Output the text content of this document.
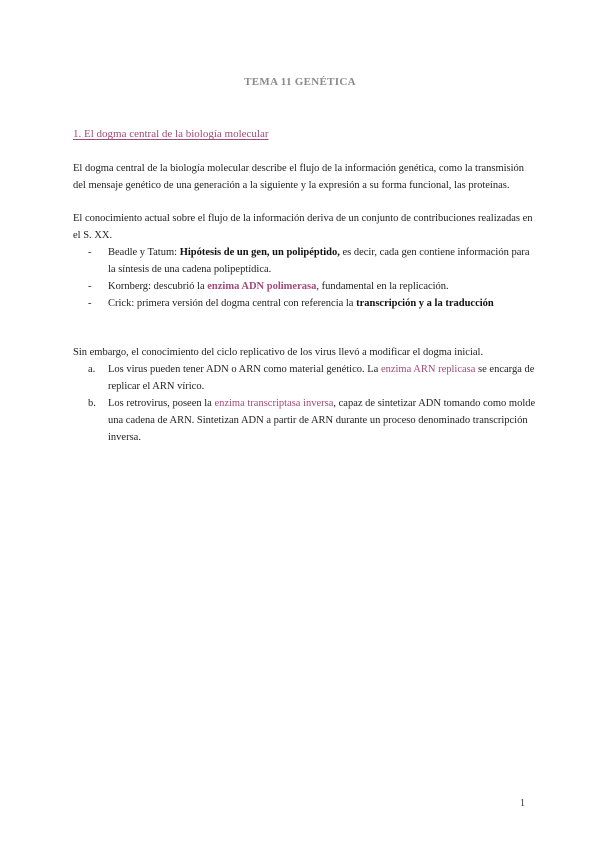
TEMA 11 GENÉTICA
1. El dogma central de la biología molecular

El dogma central de la biología molecular describe el flujo de la información genética, como la transmisión del mensaje genético de una generación a la siguiente y la expresión a su forma funcional, las proteínas.

El conocimiento actual sobre el flujo de la información deriva de un conjunto de contribuciones realizadas en el S. XX.

- Beadle y Tatum: Hipótesis de un gen, un polipéptido, es decir, cada gen contiene información para la síntesis de una cadena polipeptídica.
- Kornberg: descubrió la enzima ADN polimerasa, fundamental en la replicación.
- Crick: primera versión del dogma central con referencia la transcripción y a la traducción

Sin embargo, el conocimiento del ciclo replicativo de los virus llevó a modificar el dogma inicial.

a. Los virus pueden tener ADN o ARN como material genético. La enzima ARN replicasa se encarga de replicar el ARN vírico.
b. Los retrovirus, poseen la enzima transcriptasa inversa, capaz de sintetizar ADN tomando como molde una cadena de ARN. Sintetizan ADN a partir de ARN durante un proceso denominado transcripción inversa.
1
